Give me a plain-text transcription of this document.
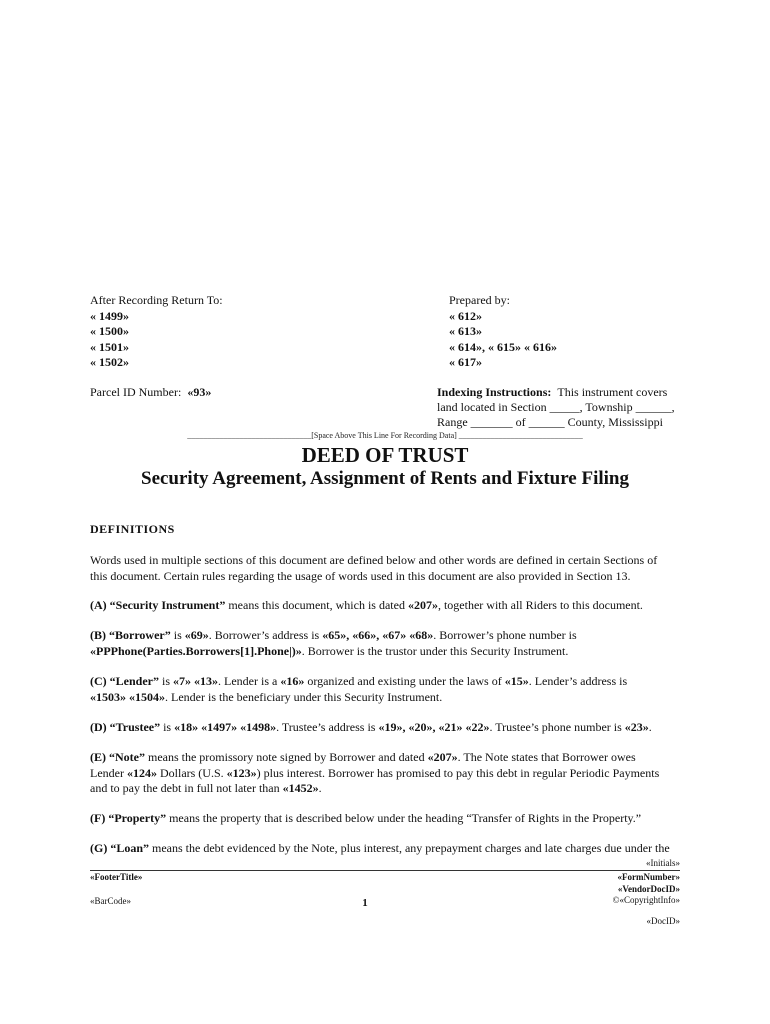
After Recording Return To:
« 1499»
« 1500»
« 1501»
« 1502»
Prepared by:
« 612»
« 613»
« 614», « 615» « 616»
« 617»
Parcel ID Number: «93»	Indexing Instructions: This instrument covers
land located in Section _____, Township ______,
Range _______ of ______ County, Mississippi
_______________________________[Space Above This Line For Recording Data] _______________________________
DEED OF TRUST
Security Agreement, Assignment of Rents and Fixture Filing
DEFINITIONS
Words used in multiple sections of this document are defined below and other words are defined in certain Sections of
this document. Certain rules regarding the usage of words used in this document are also provided in Section 13.
(A) “Security Instrument” means this document, which is dated «207», together with all Riders to this document.
(B) “Borrower” is «69». Borrower’s address is «65», «66», «67» «68». Borrower’s phone number is
«PPPhone(Parties.Borrowers[1].Phone|)». Borrower is the trustor under this Security Instrument.
(C) “Lender” is «7» «13». Lender is a «16» organized and existing under the laws of «15». Lender’s address is
«1503» «1504». Lender is the beneficiary under this Security Instrument.
(D) “Trustee” is «18» «1497» «1498». Trustee’s address is «19», «20», «21» «22». Trustee’s phone number is «23».
(E) “Note” means the promissory note signed by Borrower and dated «207». The Note states that Borrower owes
Lender «124» Dollars (U.S. «123») plus interest. Borrower has promised to pay this debt in regular Periodic Payments
and to pay the debt in full not later than «1452».
(F) “Property” means the property that is described below under the heading “Transfer of Rights in the Property.”
(G) “Loan” means the debt evidenced by the Note, plus interest, any prepayment charges and late charges due under the
«Initials»
«FooterTitle»	«FormNumber»
«VendorDocID»
©«CopyrightInfo»
«BarCode»	1
«DocID»
